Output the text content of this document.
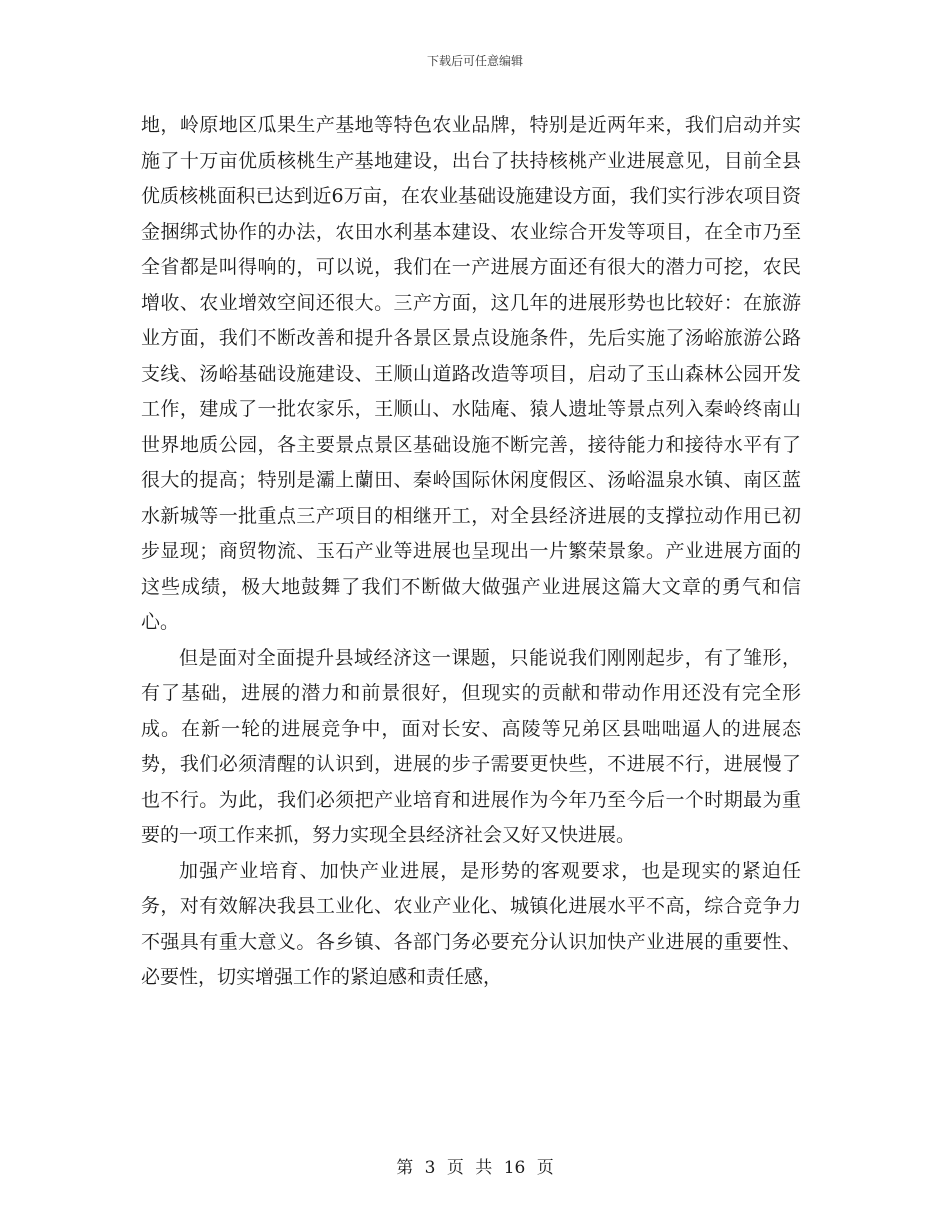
下载后可任意编辑

地，岭原地区瓜果生产基地等特色农业品牌，特别是近两年来，我们启动并实施了十万亩优质核桃生产基地建设，出台了扶持核桃产业进展意见，目前全县优质核桃面积已达到近6万亩，在农业基础设施建设方面，我们实行涉农项目资金捆绑式协作的办法，农田水利基本建设、农业综合开发等项目，在全市乃至全省都是叫得响的，可以说，我们在一产进展方面还有很大的潜力可挖，农民增收、农业增效空间还很大。三产方面，这几年的进展形势也比较好：在旅游业方面，我们不断改善和提升各景区景点设施条件，先后实施了汤峪旅游公路支线、汤峪基础设施建设、王顺山道路改造等项目，启动了玉山森林公园开发工作，建成了一批农家乐，王顺山、水陆庵、猿人遗址等景点列入秦岭终南山世界地质公园，各主要景点景区基础设施不断完善，接待能力和接待水平有了很大的提高；特别是灞上蘭田、秦岭国际休闲度假区、汤峪温泉水镇、南区蓝水新城等一批重点三产项目的相继开工，对全县经济进展的支撑拉动作用已初步显现；商贸物流、玉石产业等进展也呈现出一片繁荣景象。产业进展方面的这些成绩，极大地鼓舞了我们不断做大做强产业进展这篇大文章的勇气和信心。

但是面对全面提升县域经济这一课题，只能说我们刚刚起步，有了雏形，有了基础，进展的潜力和前景很好，但现实的贡献和带动作用还没有完全形成。在新一轮的进展竞争中，面对长安、高陵等兄弟区县咄咄逼人的进展态势，我们必须清醒的认识到，进展的步子需要更快些，不进展不行，进展慢了也不行。为此，我们必须把产业培育和进展作为今年乃至今后一个时期最为重要的一项工作来抓，努力实现全县经济社会又好又快进展。

加强产业培育、加快产业进展，是形势的客观要求，也是现实的紧迫任务，对有效解决我县工业化、农业产业化、城镇化进展水平不高，综合竞争力不强具有重大意义。各乡镇、各部门务必要充分认识加快产业进展的重要性、必要性，切实增强工作的紧迫感和责任感，

第 3 页 共 16 页
